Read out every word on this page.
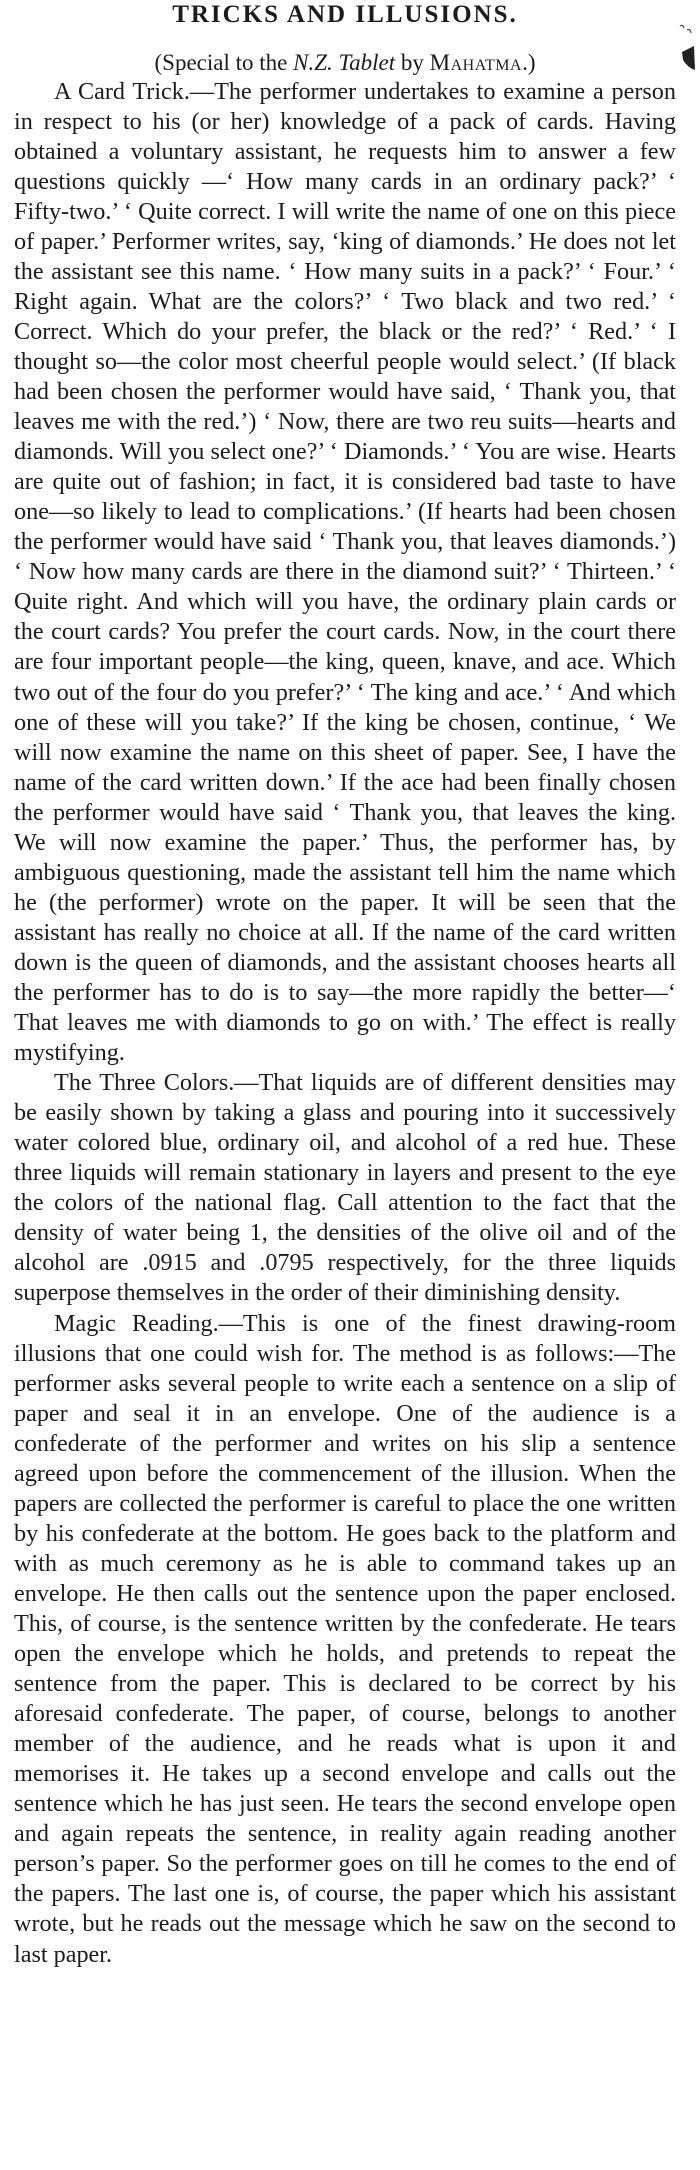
TRICKS AND ILLUSIONS.

(Special to the N.Z. Tablet by Mahatma.)

A Card Trick.—The performer undertakes to examine a person in respect to his (or her) knowledge of a pack of cards. Having obtained a voluntary assistant, he requests him to answer a few questions quickly —‘ How many cards in an ordinary pack?’ ‘ Fifty-two.’ ‘ Quite correct. I will write the name of one on this piece of paper.’ Performer writes, say, ‘king of diamonds.’ He does not let the assistant see this name. ‘ How many suits in a pack?’ ‘ Four.’ ‘ Right again. What are the colors?’ ‘ Two black and two red.’ ‘ Correct. Which do your prefer, the black or the red?’ ‘ Red.’ ‘ I thought so—the color most cheerful people would select.’ (If black had been chosen the performer would have said, ‘ Thank you, that leaves me with the red.’) ‘ Now, there are two reu suits—hearts and diamonds. Will you select one?’ ‘ Diamonds.’ ‘ You are wise. Hearts are quite out of fashion; in fact, it is considered bad taste to have one—so likely to lead to complications.’ (If hearts had been chosen the performer would have said ‘ Thank you, that leaves diamonds.’) ‘ Now how many cards are there in the diamond suit?’ ‘ Thirteen.’ ‘ Quite right. And which will you have, the ordinary plain cards or the court cards? You prefer the court cards. Now, in the court there are four important people—the king, queen, knave, and ace. Which two out of the four do you prefer?’ ‘ The king and ace.’ ‘ And which one of these will you take?’ If the king be chosen, continue, ‘ We will now examine the name on this sheet of paper. See, I have the name of the card written down.’ If the ace had been finally chosen the performer would have said ‘ Thank you, that leaves the king. We will now examine the paper.’ Thus, the performer has, by ambiguous questioning, made the assistant tell him the name which he (the performer) wrote on the paper. It will be seen that the assistant has really no choice at all. If the name of the card written down is the queen of diamonds, and the assistant chooses hearts all the performer has to do is to say—the more rapidly the better—‘ That leaves me with diamonds to go on with.’ The effect is really mystifying.

The Three Colors.—That liquids are of different densities may be easily shown by taking a glass and pouring into it successively water colored blue, ordinary oil, and alcohol of a red hue. These three liquids will remain stationary in layers and present to the eye the colors of the national flag. Call attention to the fact that the density of water being 1, the densities of the olive oil and of the alcohol are .0915 and .0795 respectively, for the three liquids superpose themselves in the order of their diminishing density.

Magic Reading.—This is one of the finest drawing-room illusions that one could wish for. The method is as follows:—The performer asks several people to write each a sentence on a slip of paper and seal it in an envelope. One of the audience is a confederate of the performer and writes on his slip a sentence agreed upon before the commencement of the illusion. When the papers are collected the performer is careful to place the one written by his confederate at the bottom. He goes back to the platform and with as much ceremony as he is able to command takes up an envelope. He then calls out the sentence upon the paper enclosed. This, of course, is the sentence written by the confederate. He tears open the envelope which he holds, and pretends to repeat the sentence from the paper. This is declared to be correct by his aforesaid confederate. The paper, of course, belongs to another member of the audience, and he reads what is upon it and memorises it. He takes up a second envelope and calls out the sentence which he has just seen. He tears the second envelope open and again repeats the sentence, in reality again reading another person’s paper. So the performer goes on till he comes to the end of the papers. The last one is, of course, the paper which his assistant wrote, but he reads out the message which he saw on the second to last paper.
